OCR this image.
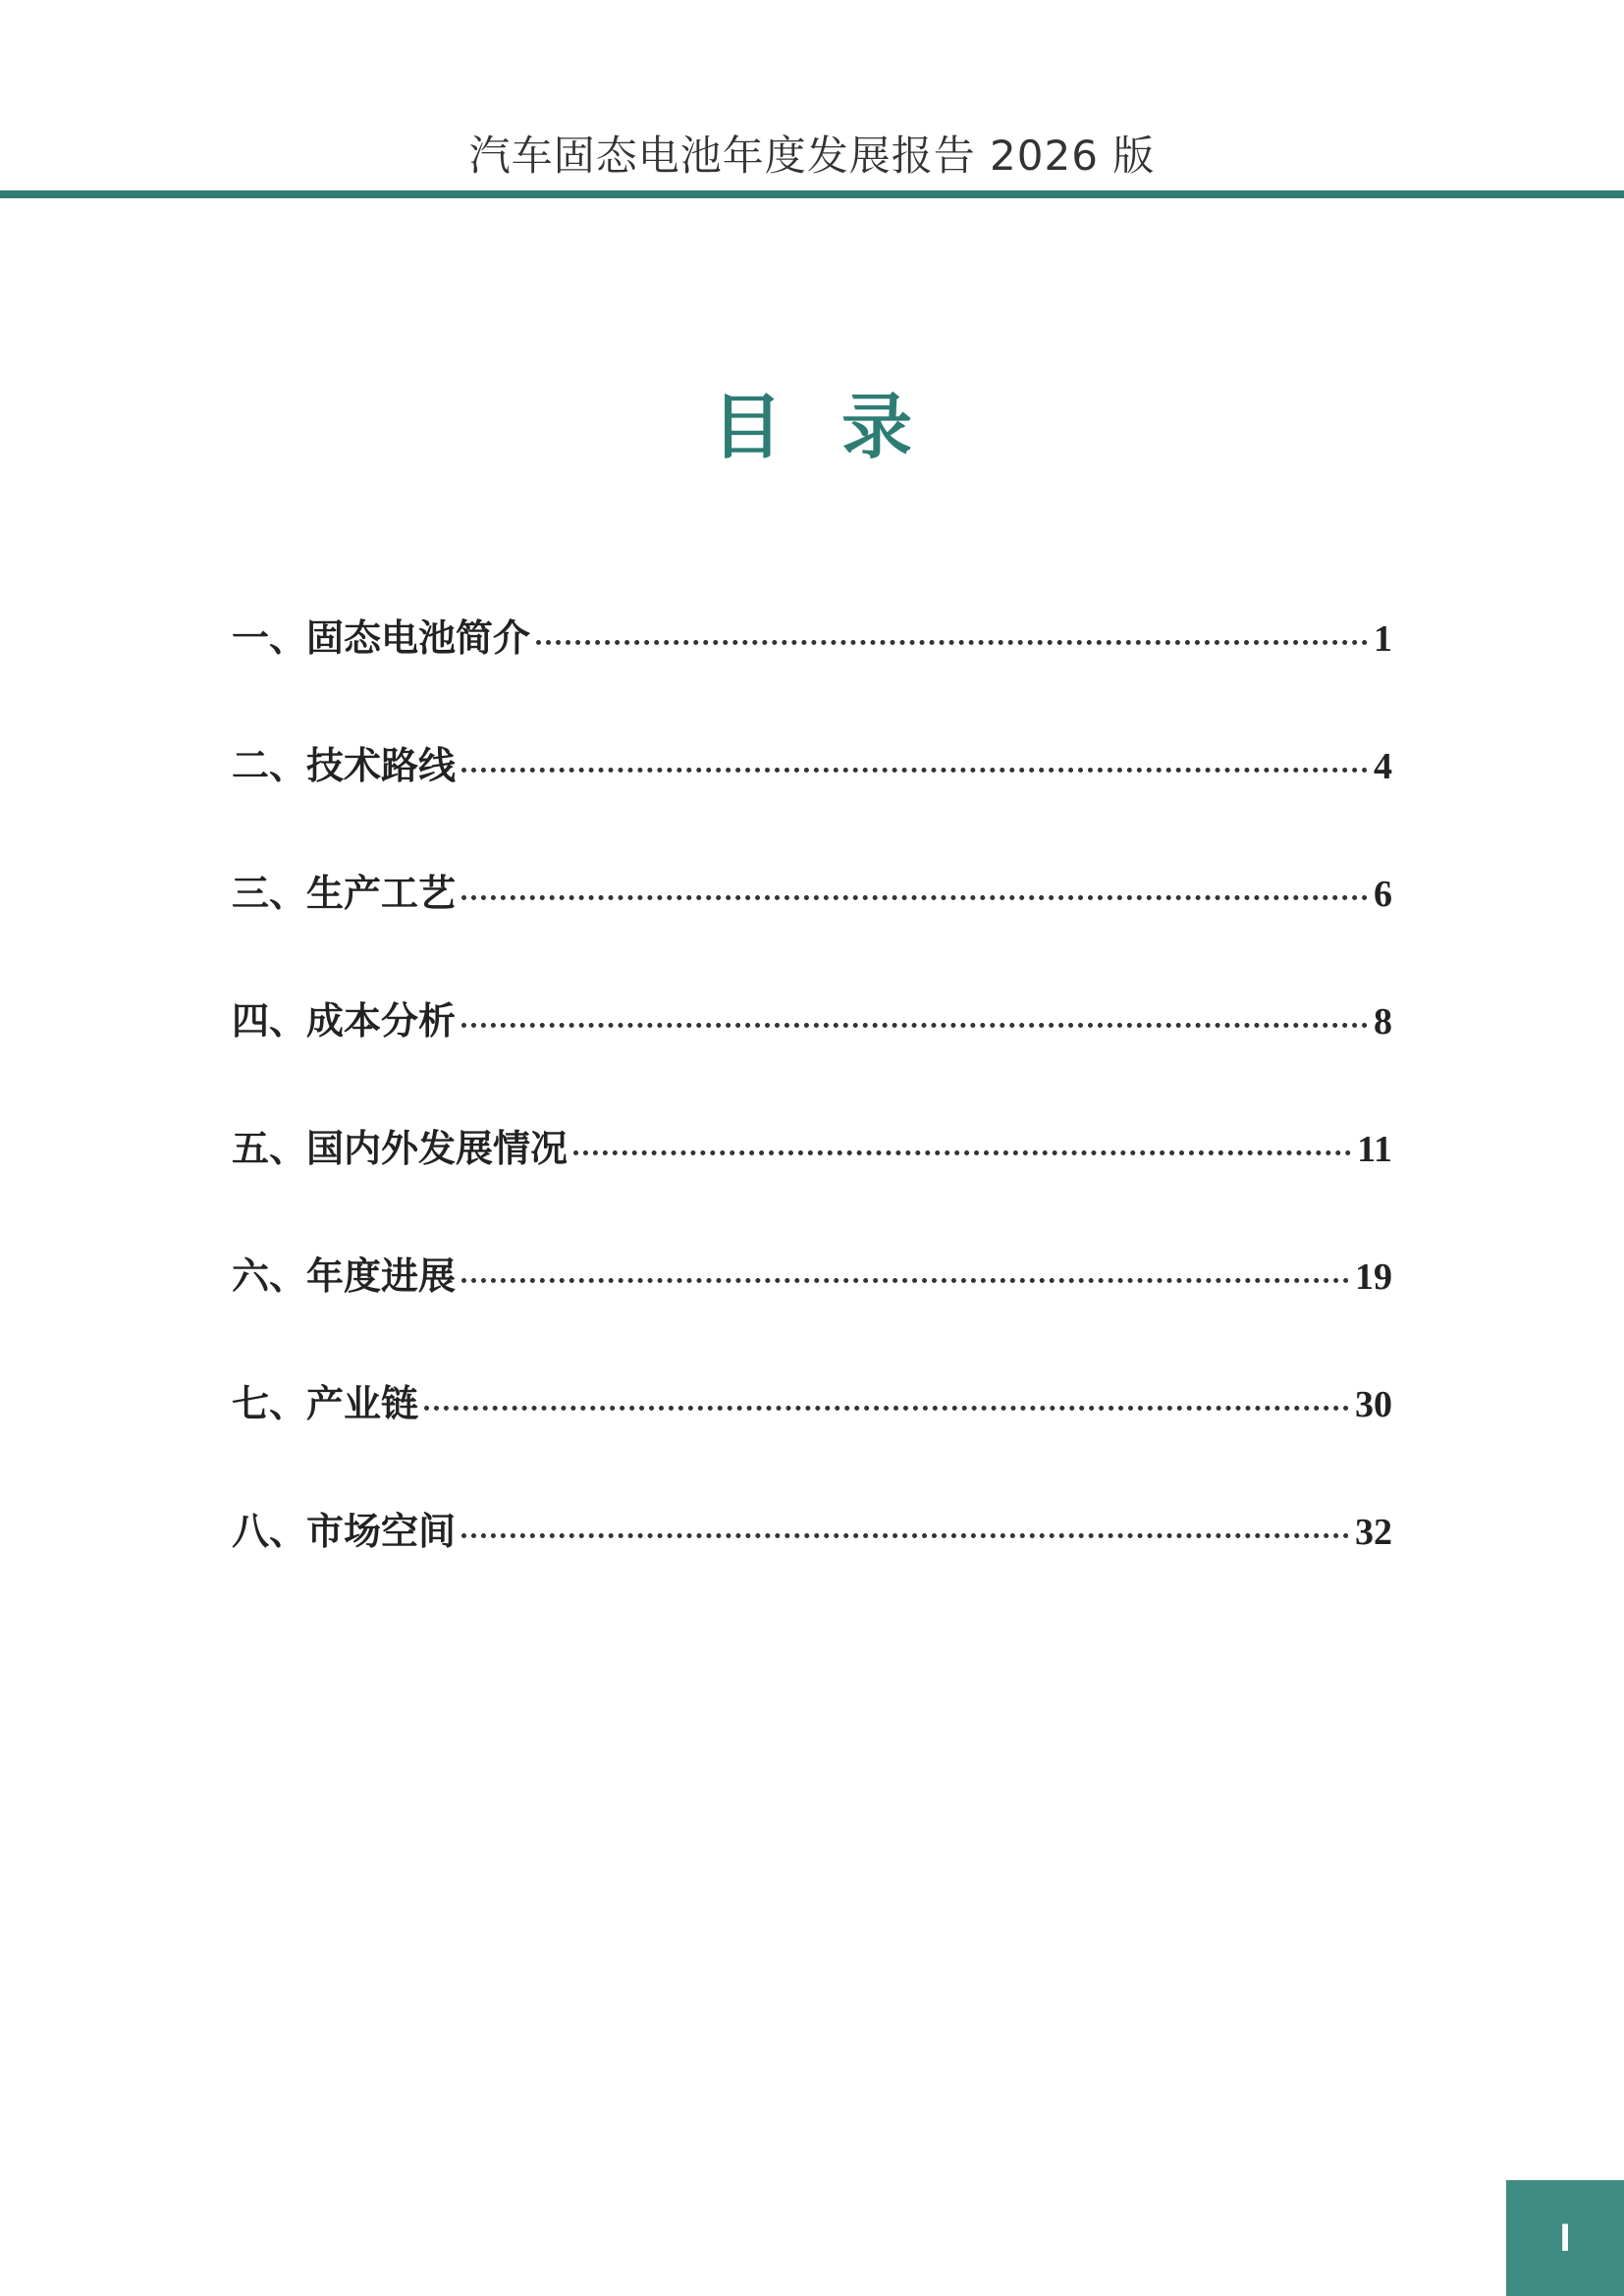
汽车固态电池年度发展报告 2026 版
目录
一、固态电池简介	1
二、技术路线	4
三、生产工艺	6
四、成本分析	8
五、国内外发展情况	11
六、年度进展	19
七、产业链	30
八、市场空间	32
I
